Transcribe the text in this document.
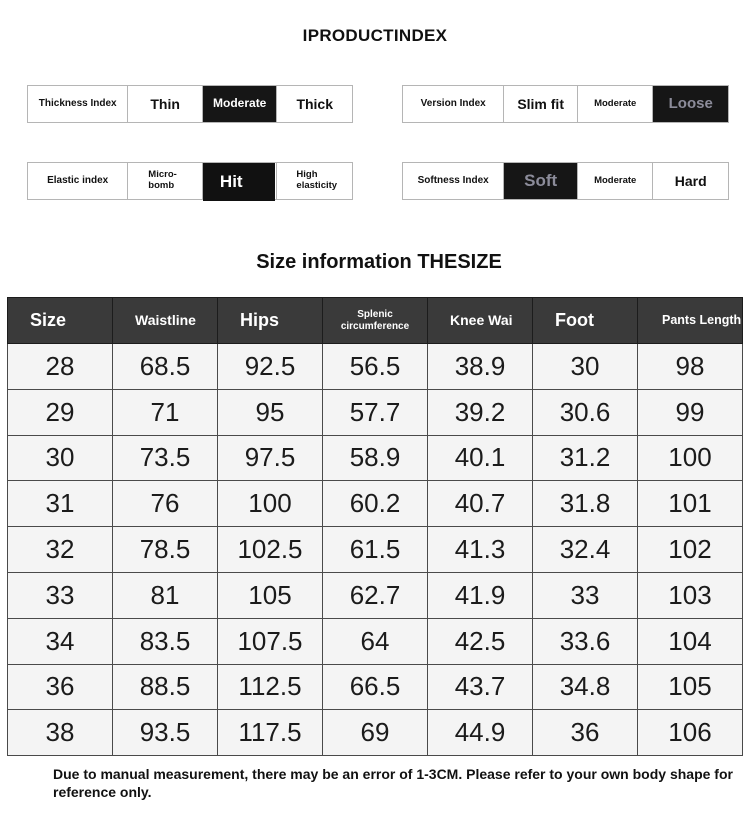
IPRODUCTINDEX
Thickness Index	Thin	Moderate	Thick	Version Index	Slim fit	Moderate	Loose
Elastic index
Micro-
bomb	Hit	High
elasticity	Softness Index	Soft	Moderate	Hard
Size information THESIZE
Size	Waistline	Hips	Splenic circumference	Knee Wai	Foot	Pants Length
28	68.5	92.5	56.5	38.9	30	98
29	71	95	57.7	39.2	30.6	99
30	73.5	97.5	58.9	40.1	31.2	100
31	76	100	60.2	40.7	31.8	101
32	78.5	102.5	61.5	41.3	32.4	102
33	81	105	62.7	41.9	33	103
34	83.5	107.5	64	42.5	33.6	104
36	88.5	112.5	66.5	43.7	34.8	105
38	93.5	117.5	69	44.9	36	106
Due to manual measurement, there may be an error of 1-3CM. Please refer to your own body shape for reference only.
